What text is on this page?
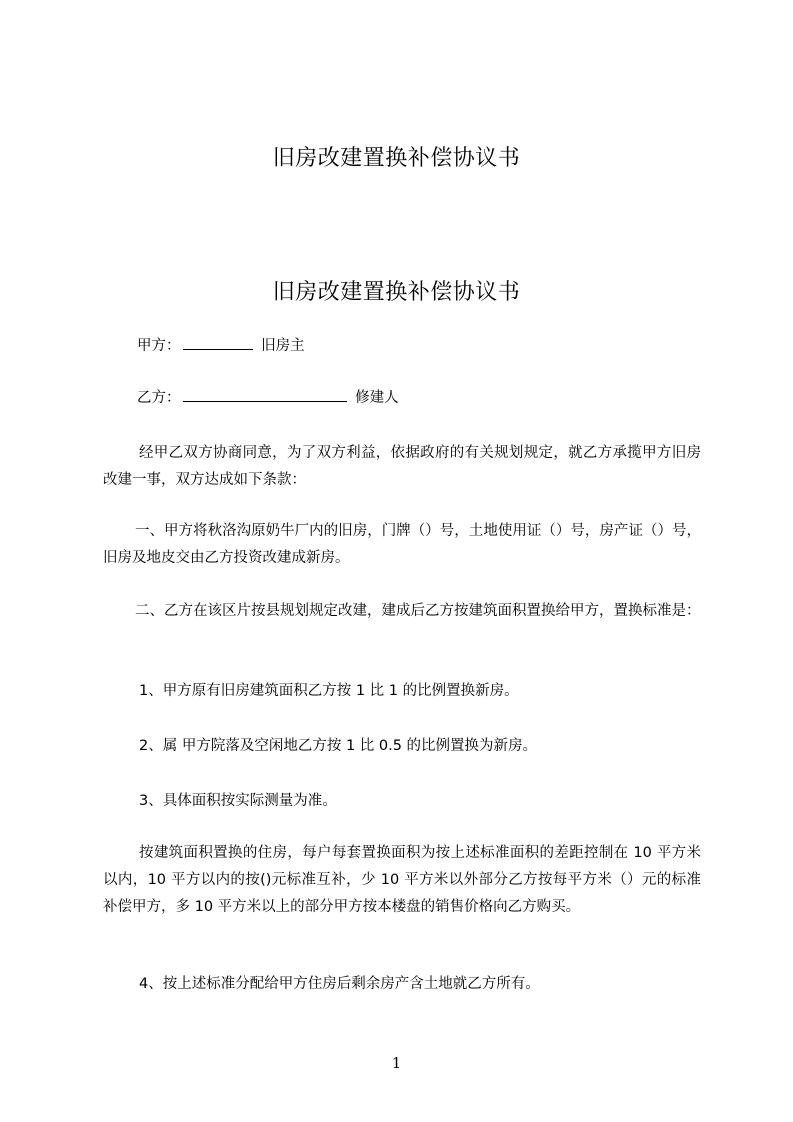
旧房改建置换补偿协议书
旧房改建置换补偿协议书
甲方：	旧房主
乙方：	修建人

经甲乙双方协商同意，为了双方利益，依据政府的有关规划规定，就乙方承揽甲方旧房改建一事，双方达成如下条款：

一、甲方将秋洛沟原奶牛厂内的旧房，门牌（）号，土地使用证（）号，房产证（）号，旧房及地皮交由乙方投资改建成新房。

二、乙方在该区片按县规划规定改建，建成后乙方按建筑面积置换给甲方，置换标准是：

1、甲方原有旧房建筑面积乙方按 1 比 1 的比例置换新房。

2、属 甲方院落及空闲地乙方按 1 比 0.5 的比例置换为新房。

3、具体面积按实际测量为准。

按建筑面积置换的住房，每户每套置换面积为按上述标准面积的差距控制在 10 平方米以内，10 平方以内的按()元标准互补，少 10 平方米以外部分乙方按每平方米（）元的标准补偿甲方，多 10 平方米以上的部分甲方按本楼盘的销售价格向乙方购买。

4、按上述标准分配给甲方住房后剩余房产含土地就乙方所有。

1
